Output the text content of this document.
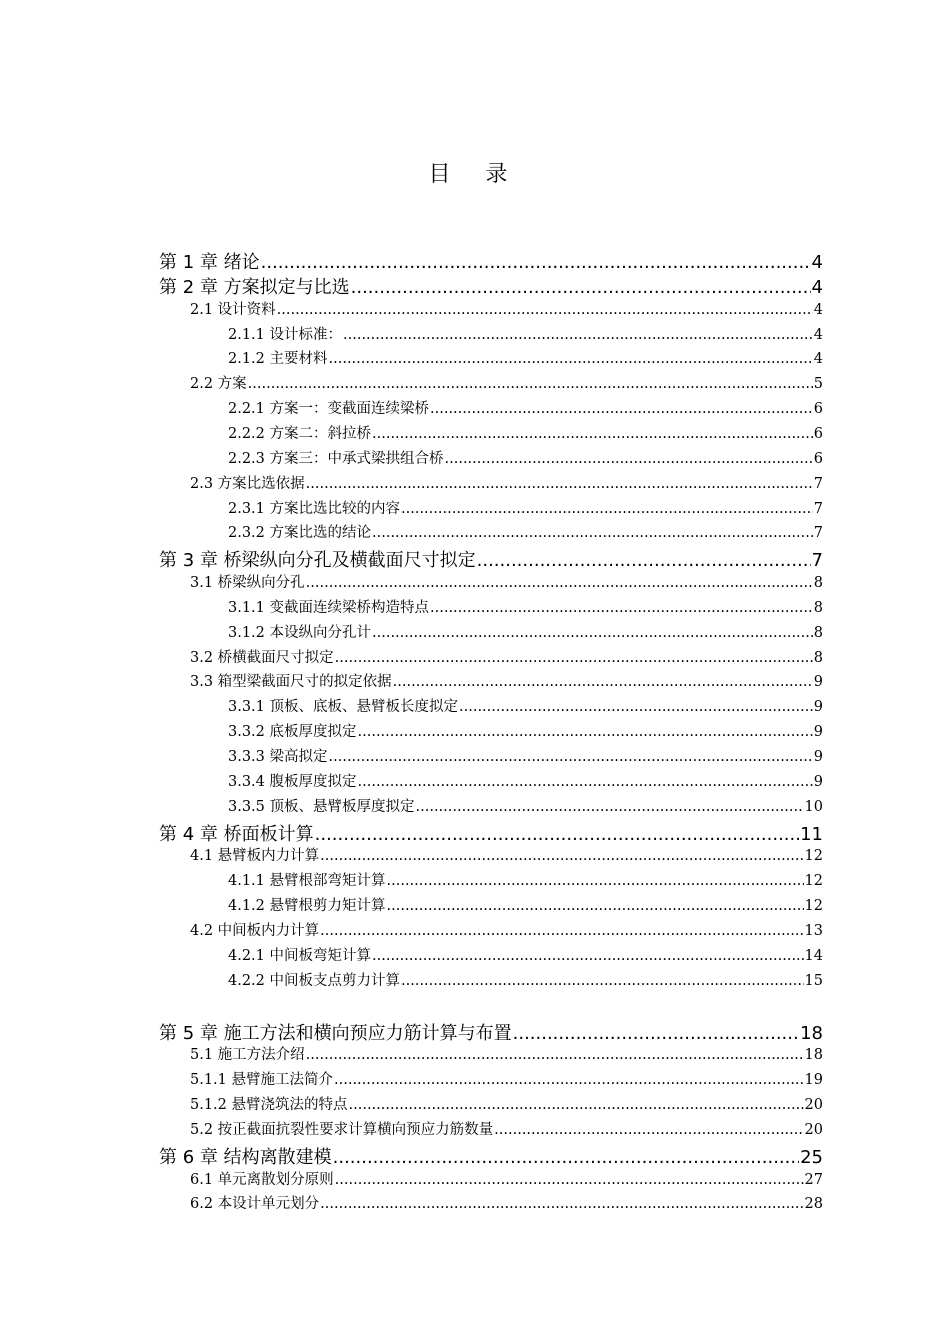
目 录
第 1 章 绪论 .....	4
第 2 章 方案拟定与比选 .....	4
2.1 设计资料 .....	4
2.1.1 设计标准： .....	4
2.1.2 主要材料 .....	4
2.2 方案 .....	5
2.2.1 方案一：变截面连续梁桥 .....	6
2.2.2 方案二：斜拉桥 .....	6
2.2.3 方案三：中承式梁拱组合桥 .....	6
2.3 方案比选依据 .....	7
2.3.1 方案比选比较的内容 .....	7
2.3.2 方案比选的结论 .....	7
第 3 章 桥梁纵向分孔及横截面尺寸拟定 .....	7
3.1 桥梁纵向分孔 .....	8
3.1.1 变截面连续梁桥构造特点 .....	8
3.1.2 本设纵向分孔计 .....	8
3.2 桥横截面尺寸拟定 .....	8
3.3 箱型梁截面尺寸的拟定依据 .....	9
3.3.1 顶板、底板、悬臂板长度拟定 .....	9
3.3.2 底板厚度拟定 .....	9
3.3.3 梁高拟定 .....	9
3.3.4 腹板厚度拟定 .....	9
3.3.5 顶板、悬臂板厚度拟定 .....	10
第 4 章 桥面板计算 .....	11
4.1 悬臂板内力计算 .....	12
4.1.1 悬臂根部弯矩计算 .....	12
4.1.2 悬臂根剪力矩计算 .....	12
4.2 中间板内力计算 .....	13
4.2.1 中间板弯矩计算 .....	14
4.2.2 中间板支点剪力计算 .....	15
第 5 章 施工方法和横向预应力筋计算与布置 .....	18
5.1 施工方法介绍 .....	18
5.1.1 悬臂施工法简介 .....	19
5.1.2 悬臂浇筑法的特点 .....	20
5.2 按正截面抗裂性要求计算横向预应力筋数量 .....	20
第 6 章 结构离散建模 .....	25
6.1 单元离散划分原则 .....	27
6.2 本设计单元划分 .....	28
